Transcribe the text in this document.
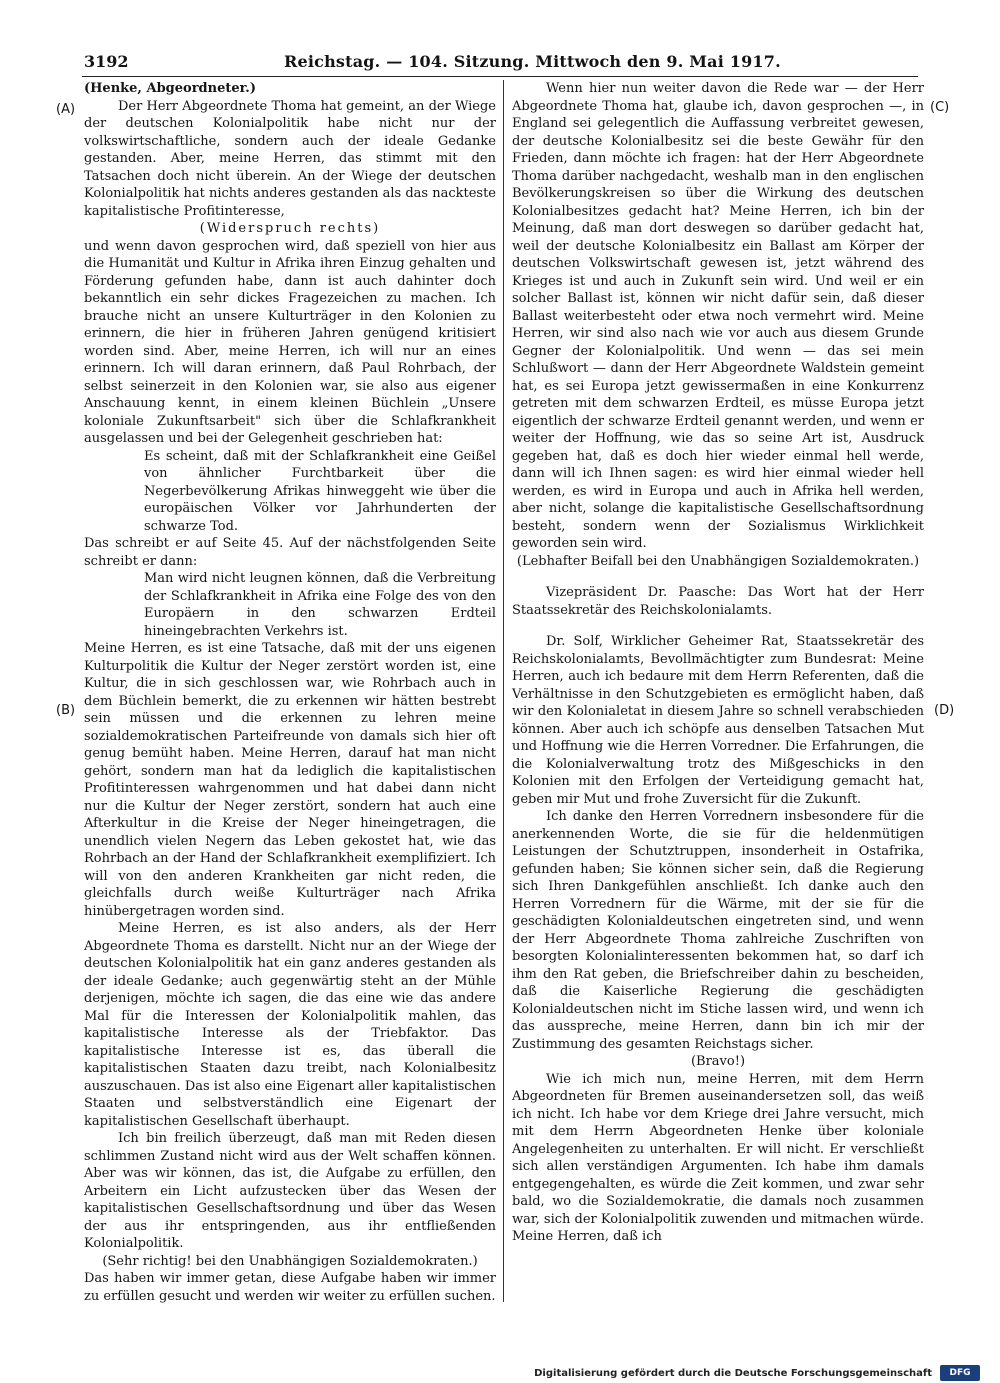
3192	Reichstag. — 104. Sitzung. Mittwoch den 9. Mai 1917.
(A)
(B)
(C)
(D)

(Henke, Abgeordneter.)

Der Herr Abgeordnete Thoma hat gemeint, an der Wiege der deutschen Kolonialpolitik habe nicht nur der volkswirtschaftliche, sondern auch der ideale Gedanke gestanden. Aber, meine Herren, das stimmt mit den Tatsachen doch nicht überein. An der Wiege der deutschen Kolonialpolitik hat nichts anderes gestanden als das nackteste kapitalistische Profitinteresse,

(Widerspruch rechts)

und wenn davon gesprochen wird, daß speziell von hier aus die Humanität und Kultur in Afrika ihren Einzug gehalten und Förderung gefunden habe, dann ist auch dahinter doch bekanntlich ein sehr dickes Fragezeichen zu machen. Ich brauche nicht an unsere Kulturträger in den Kolonien zu erinnern, die hier in früheren Jahren genügend kritisiert worden sind. Aber, meine Herren, ich will nur an eines erinnern. Ich will daran erinnern, daß Paul Rohrbach, der selbst seinerzeit in den Kolonien war, sie also aus eigener Anschauung kennt, in einem kleinen Büchlein „Unsere koloniale Zukunftsarbeit" sich über die Schlafkrankheit ausgelassen und bei der Gelegenheit geschrieben hat:

Es scheint, daß mit der Schlafkrankheit eine Geißel von ähnlicher Furchtbarkeit über die Negerbevölkerung Afrikas hinweggeht wie über die europäischen Völker vor Jahrhunderten der schwarze Tod.

Das schreibt er auf Seite 45. Auf der nächstfolgenden Seite schreibt er dann:

Man wird nicht leugnen können, daß die Verbreitung der Schlafkrankheit in Afrika eine Folge des von den Europäern in den schwarzen Erdteil hineingebrachten Verkehrs ist.

Meine Herren, es ist eine Tatsache, daß mit der uns eigenen Kulturpolitik die Kultur der Neger zerstört worden ist, eine Kultur, die in sich geschlossen war, wie Rohrbach auch in dem Büchlein bemerkt, die zu erkennen wir hätten bestrebt sein müssen und die erkennen zu lehren meine sozialdemokratischen Parteifreunde von damals sich hier oft genug bemüht haben. Meine Herren, darauf hat man nicht gehört, sondern man hat da lediglich die kapitalistischen Profitinteressen wahrgenommen und hat dabei dann nicht nur die Kultur der Neger zerstört, sondern hat auch eine Afterkultur in die Kreise der Neger hineingetragen, die unendlich vielen Negern das Leben gekostet hat, wie das Rohrbach an der Hand der Schlafkrankheit exemplifiziert. Ich will von den anderen Krankheiten gar nicht reden, die gleichfalls durch weiße Kulturträger nach Afrika hinübergetragen worden sind.

Meine Herren, es ist also anders, als der Herr Abgeordnete Thoma es darstellt. Nicht nur an der Wiege der deutschen Kolonialpolitik hat ein ganz anderes gestanden als der ideale Gedanke; auch gegenwärtig steht an der Mühle derjenigen, möchte ich sagen, die das eine wie das andere Mal für die Interessen der Kolonialpolitik mahlen, das kapitalistische Interesse als der Triebfaktor. Das kapitalistische Interesse ist es, das überall die kapitalistischen Staaten dazu treibt, nach Kolonialbesitz auszuschauen. Das ist also eine Eigenart aller kapitalistischen Staaten und selbstverständlich eine Eigenart der kapitalistischen Gesellschaft überhaupt.

Ich bin freilich überzeugt, daß man mit Reden diesen schlimmen Zustand nicht wird aus der Welt schaffen können. Aber was wir können, das ist, die Aufgabe zu erfüllen, den Arbeitern ein Licht aufzustecken über das Wesen der kapitalistischen Gesellschaftsordnung und über das Wesen der aus ihr entspringenden, aus ihr entfließenden Kolonialpolitik.

(Sehr richtig! bei den Unabhängigen Sozialdemokraten.)

Das haben wir immer getan, diese Aufgabe haben wir immer zu erfüllen gesucht und werden wir weiter zu erfüllen suchen.

Wenn hier nun weiter davon die Rede war — der Herr Abgeordnete Thoma hat, glaube ich, davon gesprochen —, in England sei gelegentlich die Auffassung verbreitet gewesen, der deutsche Kolonialbesitz sei die beste Gewähr für den Frieden, dann möchte ich fragen: hat der Herr Abgeordnete Thoma darüber nachgedacht, weshalb man in den englischen Bevölkerungskreisen so über die Wirkung des deutschen Kolonialbesitzes gedacht hat? Meine Herren, ich bin der Meinung, daß man dort deswegen so darüber gedacht hat, weil der deutsche Kolonialbesitz ein Ballast am Körper der deutschen Volkswirtschaft gewesen ist, jetzt während des Krieges ist und auch in Zukunft sein wird. Und weil er ein solcher Ballast ist, können wir nicht dafür sein, daß dieser Ballast weiterbesteht oder etwa noch vermehrt wird. Meine Herren, wir sind also nach wie vor auch aus diesem Grunde Gegner der Kolonialpolitik. Und wenn — das sei mein Schlußwort — dann der Herr Abgeordnete Waldstein gemeint hat, es sei Europa jetzt gewissermaßen in eine Konkurrenz getreten mit dem schwarzen Erdteil, es müsse Europa jetzt eigentlich der schwarze Erdteil genannt werden, und wenn er weiter der Hoffnung, wie das so seine Art ist, Ausdruck gegeben hat, daß es doch hier wieder einmal hell werde, dann will ich Ihnen sagen: es wird hier einmal wieder hell werden, es wird in Europa und auch in Afrika hell werden, aber nicht, solange die kapitalistische Gesellschaftsordnung besteht, sondern wenn der Sozialismus Wirklichkeit geworden sein wird.

(Lebhafter Beifall bei den Unabhängigen Sozialdemokraten.)

Vizepräsident Dr. Paasche: Das Wort hat der Herr Staatssekretär des Reichskolonialamts.

Dr. Solf, Wirklicher Geheimer Rat, Staatssekretär des Reichskolonialamts, Bevollmächtigter zum Bundesrat: Meine Herren, auch ich bedaure mit dem Herrn Referenten, daß die Verhältnisse in den Schutzgebieten es ermöglicht haben, daß wir den Kolonialetat in diesem Jahre so schnell verabschieden können. Aber auch ich schöpfe aus denselben Tatsachen Mut und Hoffnung wie die Herren Vorredner. Die Erfahrungen, die die Kolonialverwaltung trotz des Mißgeschicks in den Kolonien mit den Erfolgen der Verteidigung gemacht hat, geben mir Mut und frohe Zuversicht für die Zukunft.

Ich danke den Herren Vorrednern insbesondere für die anerkennenden Worte, die sie für die heldenmütigen Leistungen der Schutztruppen, insonderheit in Ostafrika, gefunden haben; Sie können sicher sein, daß die Regierung sich Ihren Dankgefühlen anschließt. Ich danke auch den Herren Vorrednern für die Wärme, mit der sie für die geschädigten Kolonialdeutschen eingetreten sind, und wenn der Herr Abgeordnete Thoma zahlreiche Zuschriften von besorgten Kolonialinteressenten bekommen hat, so darf ich ihm den Rat geben, die Briefschreiber dahin zu bescheiden, daß die Kaiserliche Regierung die geschädigten Kolonialdeutschen nicht im Stiche lassen wird, und wenn ich das ausspreche, meine Herren, dann bin ich mir der Zustimmung des gesamten Reichstags sicher.

(Bravo!)

Wie ich mich nun, meine Herren, mit dem Herrn Abgeordneten für Bremen auseinandersetzen soll, das weiß ich nicht. Ich habe vor dem Kriege drei Jahre versucht, mich mit dem Herrn Abgeordneten Henke über koloniale Angelegenheiten zu unterhalten. Er will nicht. Er verschließt sich allen verständigen Argumenten. Ich habe ihm damals entgegengehalten, es würde die Zeit kommen, und zwar sehr bald, wo die Sozialdemokratie, die damals noch zusammen war, sich der Kolonialpolitik zuwenden und mitmachen würde. Meine Herren, daß ich

Digitalisierung gefördert durch die Deutsche Forschungsgemeinschaft	DFG
